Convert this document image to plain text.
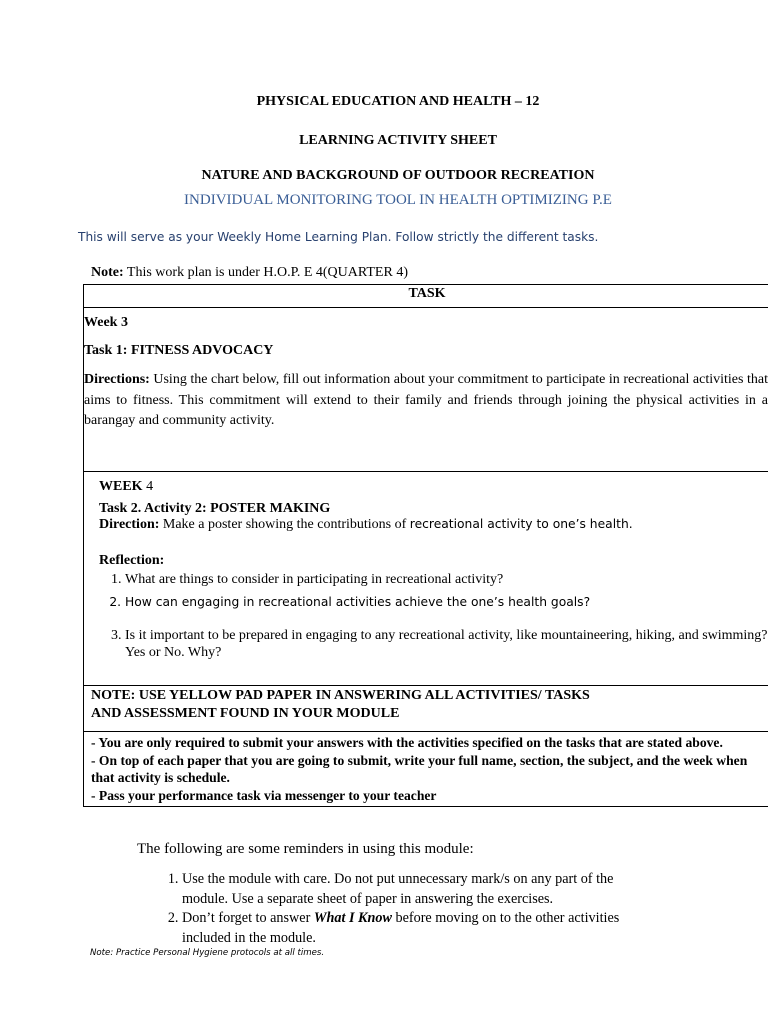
PHYSICAL EDUCATION AND HEALTH – 12
LEARNING ACTIVITY SHEET
NATURE AND BACKGROUND OF OUTDOOR RECREATION
INDIVIDUAL MONITORING TOOL IN HEALTH OPTIMIZING P.E
This will serve as your Weekly Home Learning Plan. Follow strictly the different tasks.
Note: This work plan is under H.O.P. E 4(QUARTER 4)
TASK

Week 3

Task 1: FITNESS ADVOCACY

Directions: Using the chart below, fill out information about your commitment to participate in recreational activities that aims to fitness. This commitment will extend to their family and friends through joining the physical activities in a barangay and community activity.

WEEK 4

Task 2. Activity 2: POSTER MAKING

Direction: Make a poster showing the contributions of recreational activity to one’s health.

Reflection:

1. What are things to consider in participating in recreational activity?
2. How can engaging in recreational activities achieve the one’s health goals?
3. Is it important to be prepared in engaging to any recreational activity, like mountaineering, hiking, and swimming? Yes or No. Why?

NOTE: USE YELLOW PAD PAPER IN ANSWERING ALL ACTIVITIES/ TASKS
AND ASSESSMENT FOUND IN YOUR MODULE

- You are only required to submit your answers with the activities specified on the tasks that are stated above.

- On top of each paper that you are going to submit, write your full name, section, the subject, and the week when that activity is schedule.

- Pass your performance task via messenger to your teacher

The following are some reminders in using this module:
1. Use the module with care. Do not put unnecessary mark/s on any part of the module. Use a separate sheet of paper in answering the exercises.
2. Don’t forget to answer What I Know before moving on to the other activities included in the module.
Note: Practice Personal Hygiene protocols at all times.
